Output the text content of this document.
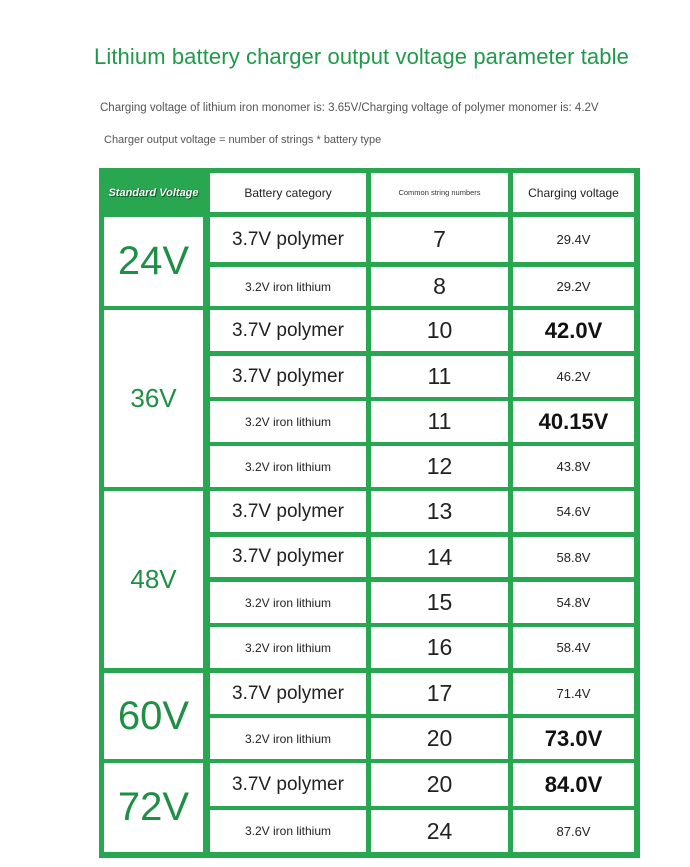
Lithium battery charger output voltage parameter table
Charging voltage of lithium iron monomer is: 3.65V/Charging voltage of polymer monomer is: 4.2V
Charger output voltage = number of strings * battery type
Standard Voltage	Battery category	Common string numbers	Charging voltage
24V	3.7V polymer	7	29.4V
3.2V iron lithium	8	29.2V
36V
3.7V polymer	10	42.0V
3.7V polymer	11	46.2V
3.2V iron lithium	11	40.15V
3.2V iron lithium	12	43.8V
48V
3.7V polymer	13	54.6V
3.7V polymer	14	58.8V
3.2V iron lithium	15	54.8V
3.2V iron lithium	16	58.4V
60V
3.7V polymer	17	71.4V
3.2V iron lithium	20	73.0V
72V
3.7V polymer	20	84.0V
3.2V iron lithium	24	87.6V
